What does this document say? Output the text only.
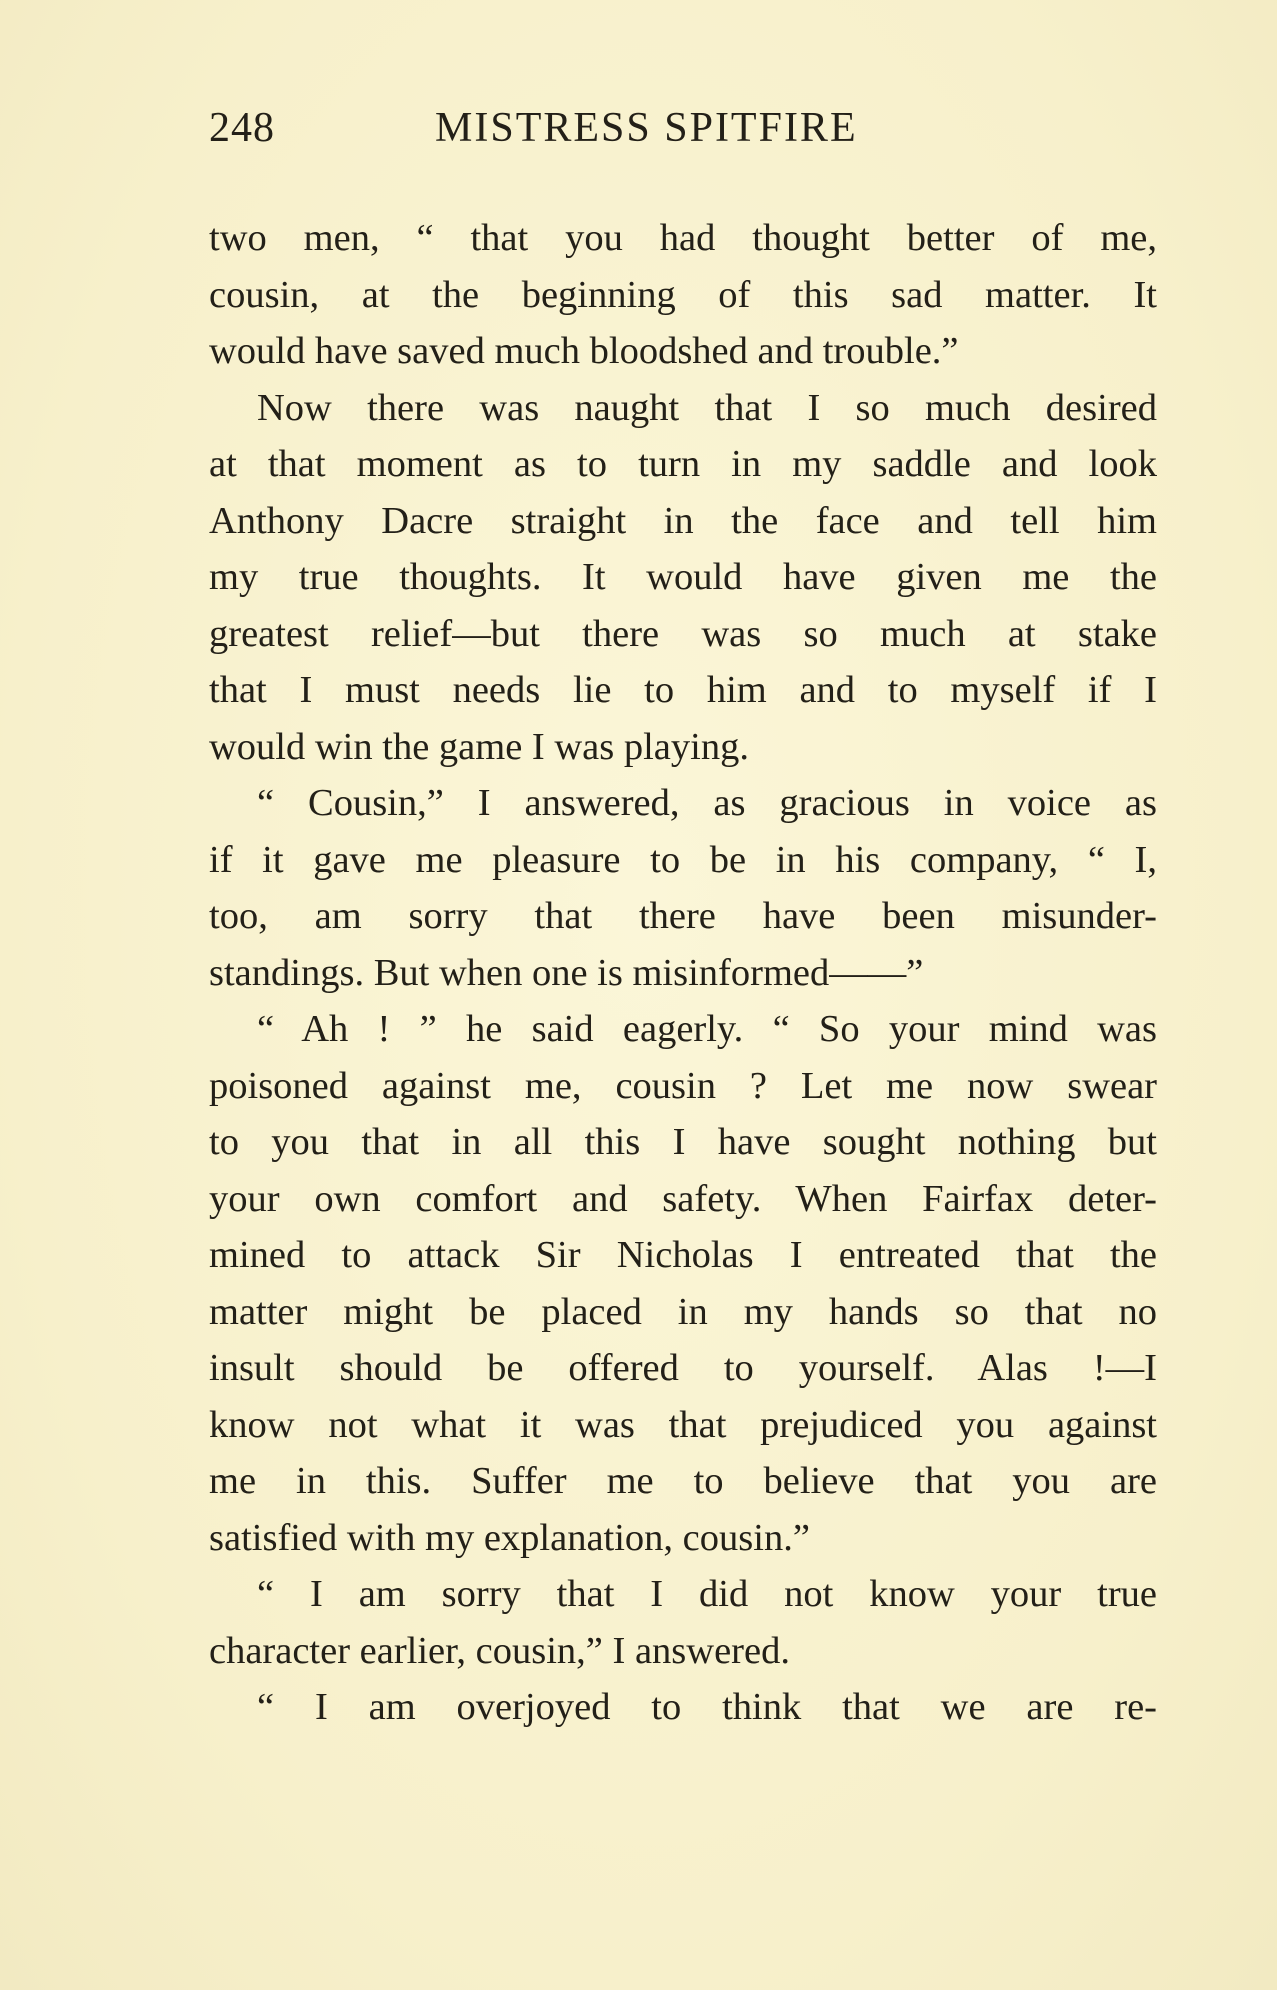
248	MISTRESS SPITFIRE
two men, “ that you had thought better of me,
cousin, at the beginning of this sad matter. It
would have saved much bloodshed and trouble.”
Now there was naught that I so much desired
at that moment as to turn in my saddle and look
Anthony Dacre straight in the face and tell him
my true thoughts. It would have given me the
greatest relief—but there was so much at stake
that I must needs lie to him and to myself if I
would win the game I was playing.
“ Cousin,” I answered, as gracious in voice as
if it gave me pleasure to be in his company, “ I,
too, am sorry that there have been misunder-
standings. But when one is misinformed——”
“ Ah ! ” he said eagerly. “ So your mind was
poisoned against me, cousin ? Let me now swear
to you that in all this I have sought nothing but
your own comfort and safety. When Fairfax deter-
mined to attack Sir Nicholas I entreated that the
matter might be placed in my hands so that no
insult should be offered to yourself. Alas !—I
know not what it was that prejudiced you against
me in this. Suffer me to believe that you are
satisfied with my explanation, cousin.”
“ I am sorry that I did not know your true
character earlier, cousin,” I answered.
“ I am overjoyed to think that we are re-
